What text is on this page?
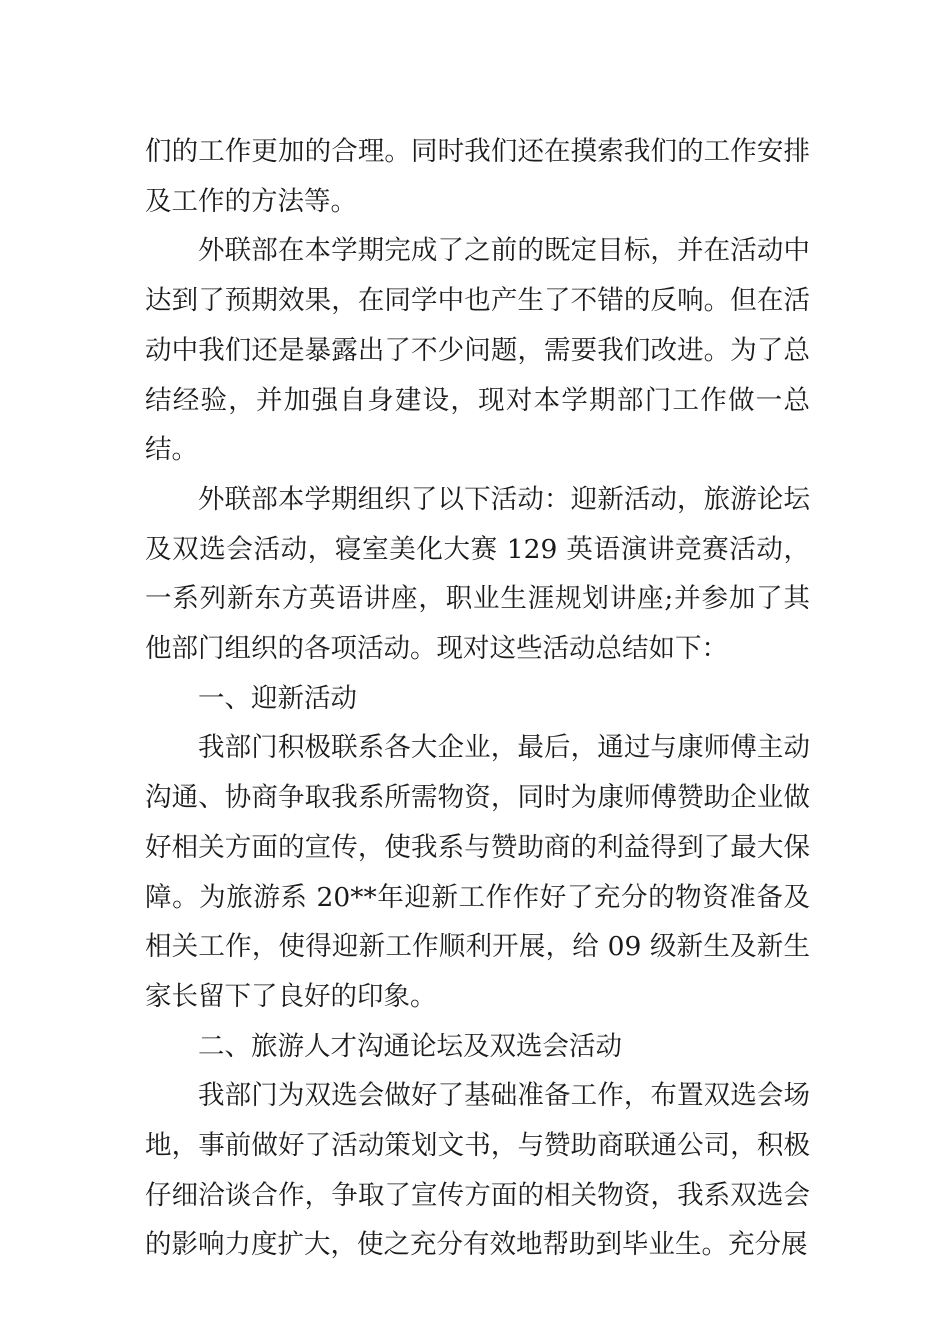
们的工作更加的合理。同时我们还在摸索我们的工作安排及工作的方法等。

外联部在本学期完成了之前的既定目标，并在活动中达到了预期效果，在同学中也产生了不错的反响。但在活动中我们还是暴露出了不少问题，需要我们改进。为了总结经验，并加强自身建设，现对本学期部门工作做一总结。

外联部本学期组织了以下活动：迎新活动，旅游论坛及双选会活动，寝室美化大赛 129 英语演讲竞赛活动，一系列新东方英语讲座，职业生涯规划讲座;并参加了其他部门组织的各项活动。现对这些活动总结如下：

一、迎新活动

我部门积极联系各大企业，最后，通过与康师傅主动沟通、协商争取我系所需物资，同时为康师傅赞助企业做好相关方面的宣传，使我系与赞助商的利益得到了最大保障。为旅游系 20**年迎新工作作好了充分的物资准备及相关工作，使得迎新工作顺利开展，给 09 级新生及新生家长留下了良好的印象。

二、旅游人才沟通论坛及双选会活动

我部门为双选会做好了基础准备工作，布置双选会场地，事前做好了活动策划文书，与赞助商联通公司，积极仔细洽谈合作，争取了宣传方面的相关物资，我系双选会的影响力度扩大，使之充分有效地帮助到毕业生。充分展
